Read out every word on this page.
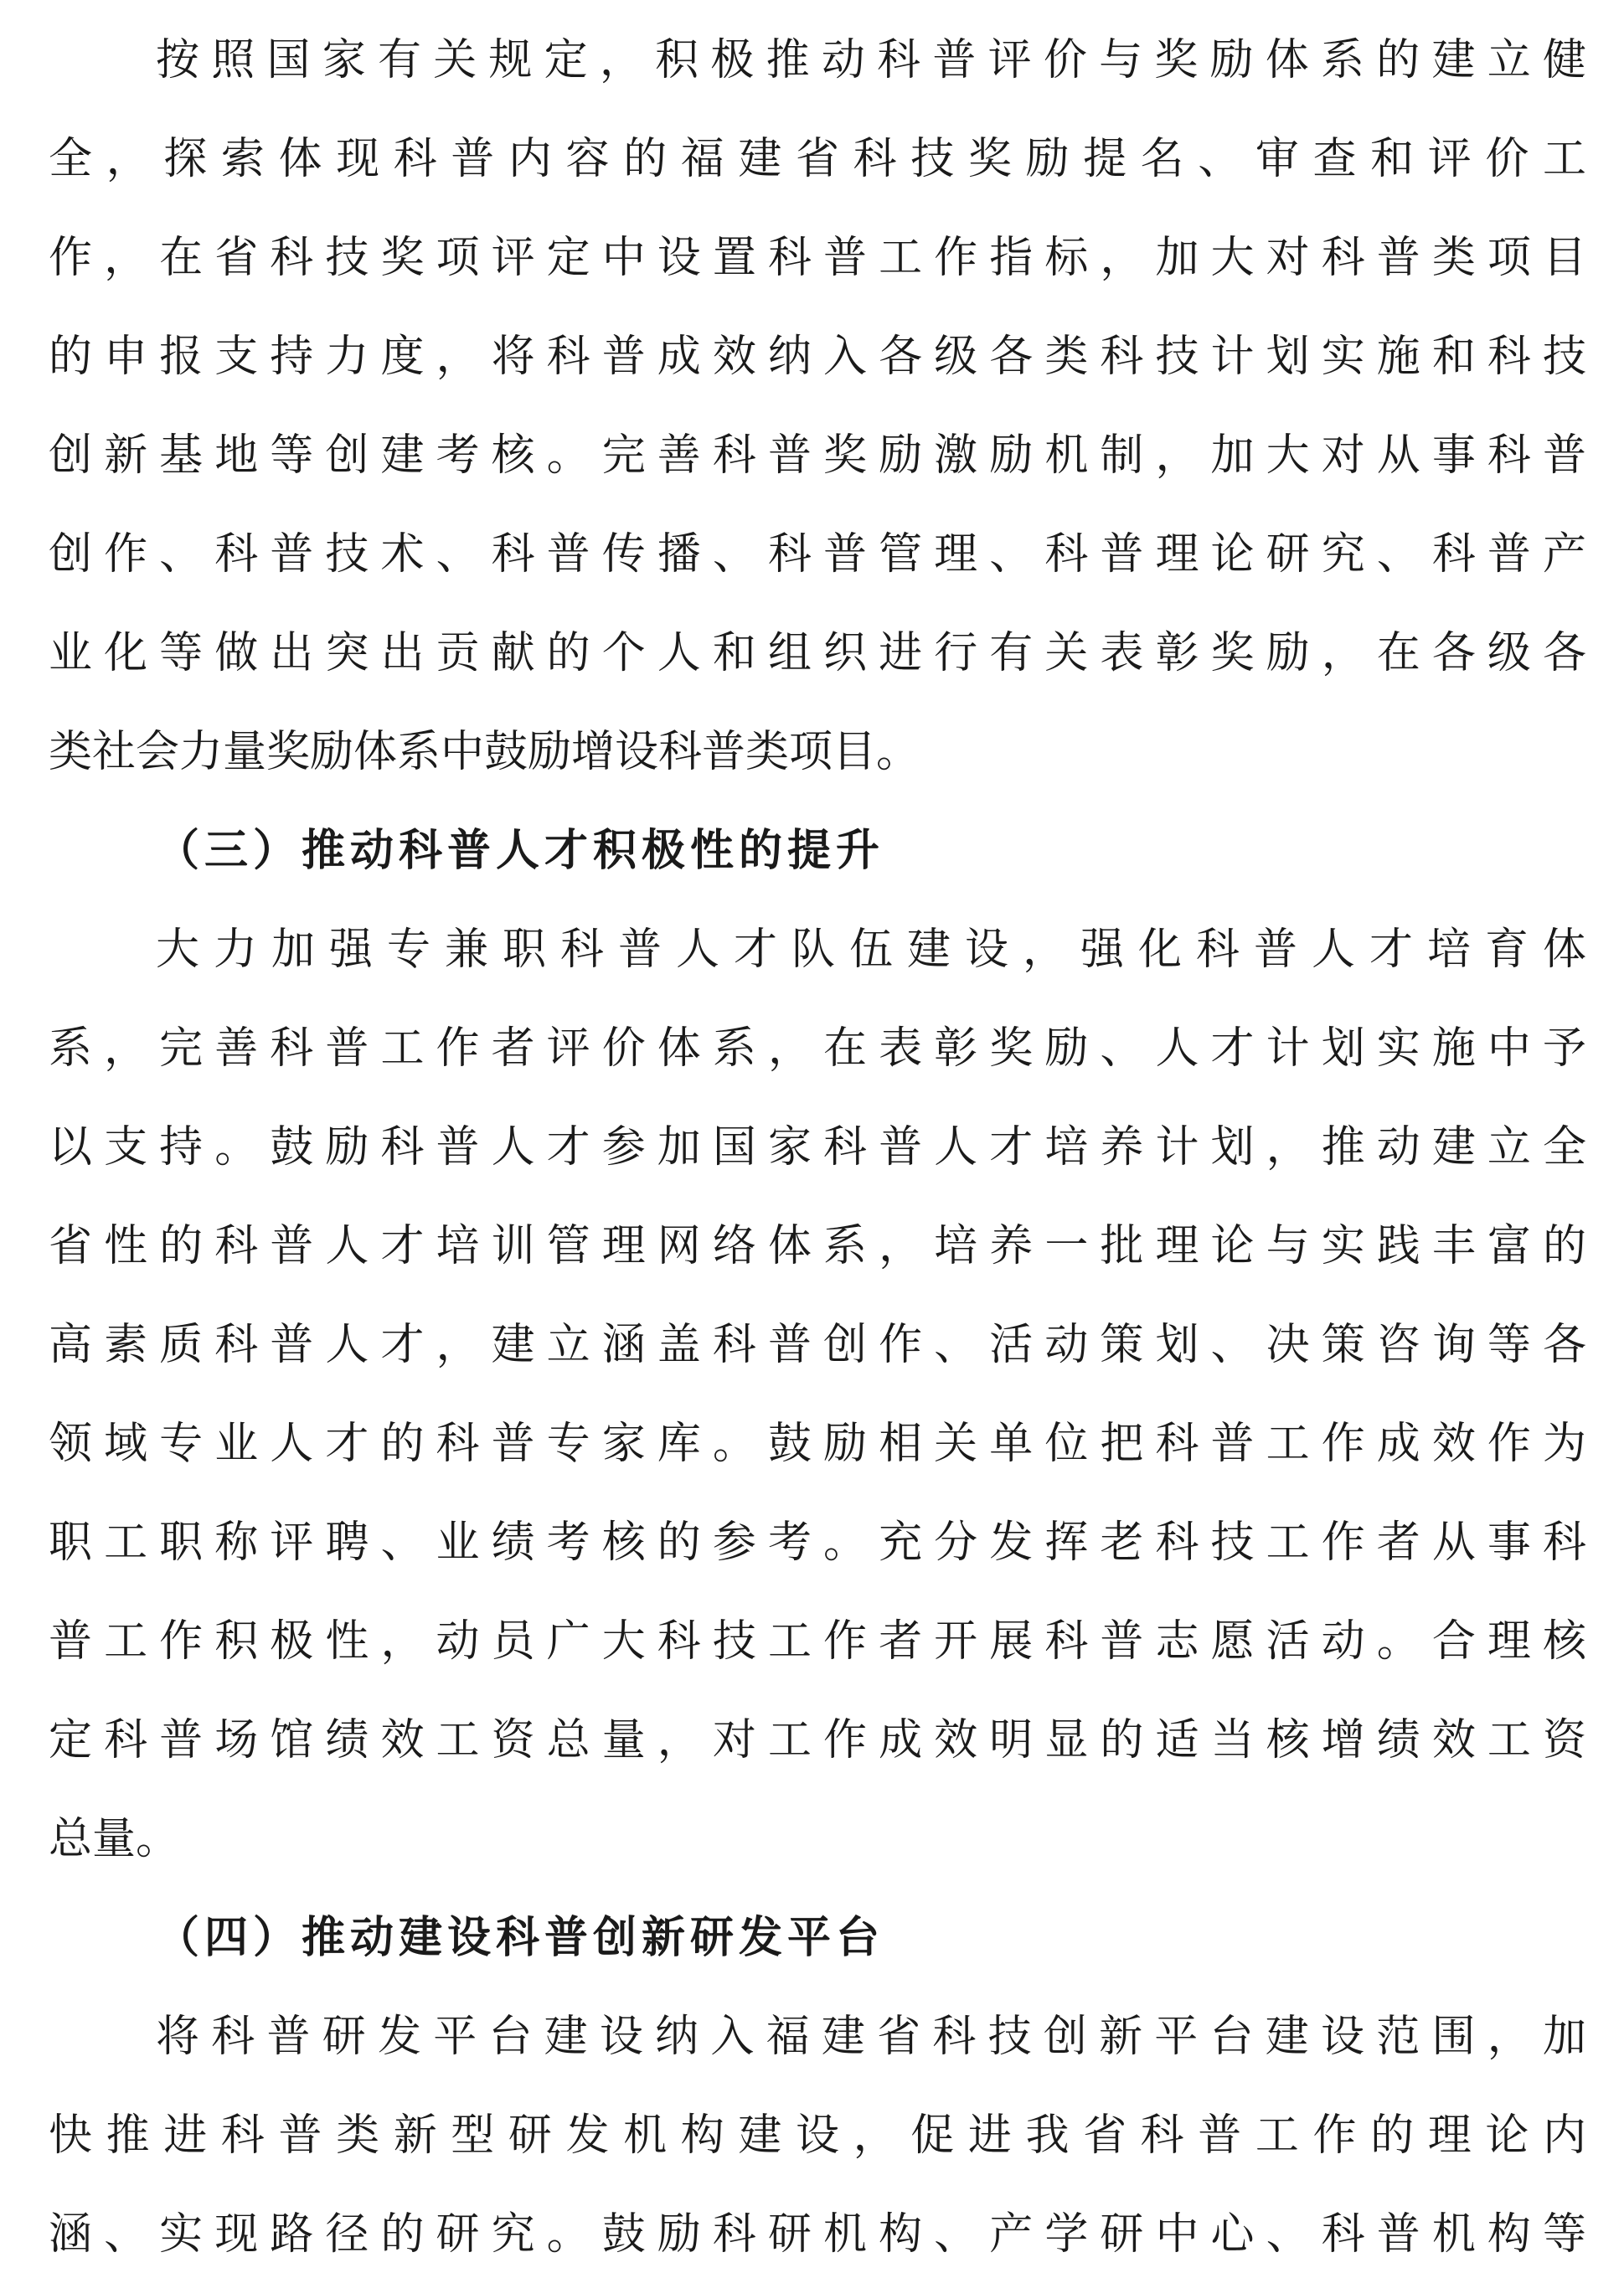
按照国家有关规定，积极推动科普评价与奖励体系的建立健
全，探索体现科普内容的福建省科技奖励提名、审查和评价工
作，在省科技奖项评定中设置科普工作指标，加大对科普类项目
的申报支持力度，将科普成效纳入各级各类科技计划实施和科技
创新基地等创建考核。完善科普奖励激励机制，加大对从事科普
创作、科普技术、科普传播、科普管理、科普理论研究、科普产
业化等做出突出贡献的个人和组织进行有关表彰奖励，在各级各
类社会力量奖励体系中鼓励增设科普类项目。
（三）推动科普人才积极性的提升
大力加强专兼职科普人才队伍建设，强化科普人才培育体
系，完善科普工作者评价体系，在表彰奖励、人才计划实施中予
以支持。鼓励科普人才参加国家科普人才培养计划，推动建立全
省性的科普人才培训管理网络体系，培养一批理论与实践丰富的
高素质科普人才，建立涵盖科普创作、活动策划、决策咨询等各
领域专业人才的科普专家库。鼓励相关单位把科普工作成效作为
职工职称评聘、业绩考核的参考。充分发挥老科技工作者从事科
普工作积极性，动员广大科技工作者开展科普志愿活动。合理核
定科普场馆绩效工资总量，对工作成效明显的适当核增绩效工资
总量。
（四）推动建设科普创新研发平台
将科普研发平台建设纳入福建省科技创新平台建设范围，加
快推进科普类新型研发机构建设，促进我省科普工作的理论内
涵、实现路径的研究。鼓励科研机构、产学研中心、科普机构等
